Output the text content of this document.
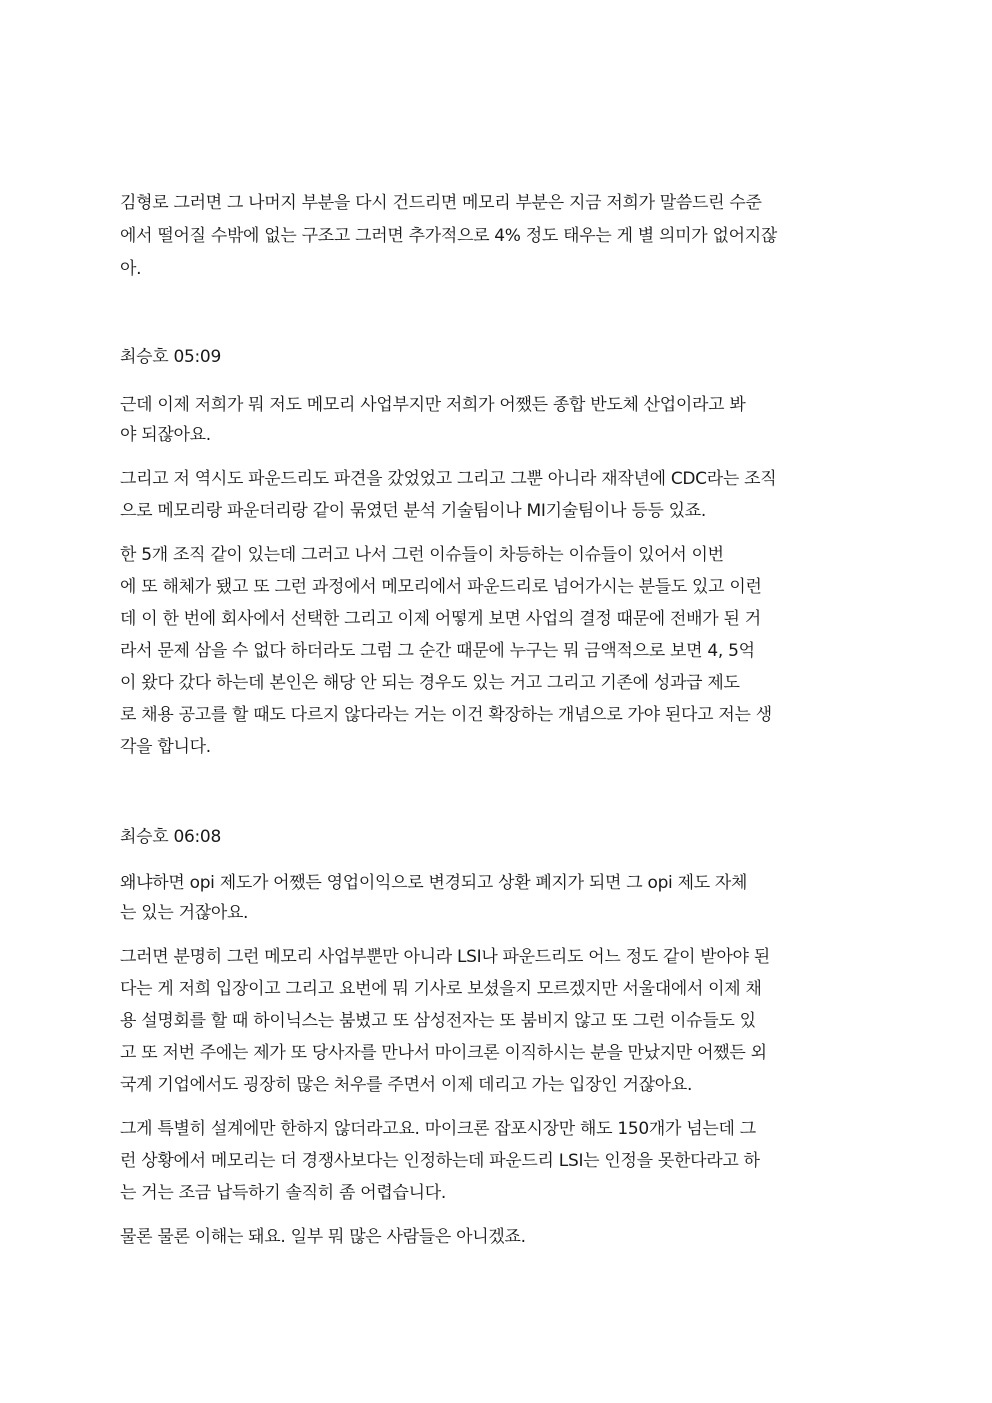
김형로 그러면 그 나머지 부분을 다시 건드리면 메모리 부분은 지금 저희가 말씀드린 수준
에서 떨어질 수밖에 없는 구조고 그러면 추가적으로 4% 정도 태우는 게 별 의미가 없어지잖
아.
최승호 05:09
근데 이제 저희가 뭐 저도 메모리 사업부지만 저희가 어쨌든 종합 반도체 산업이라고 봐
야 되잖아요.
그리고 저 역시도 파운드리도 파견을 갔었었고 그리고 그뿐 아니라 재작년에 CDC라는 조직
으로 메모리랑 파운더리랑 같이 묶였던 분석 기술팀이나 MI기술팀이나 등등 있죠.
한 5개 조직 같이 있는데 그러고 나서 그런 이슈들이 차등하는 이슈들이 있어서 이번
에 또 해체가 됐고 또 그런 과정에서 메모리에서 파운드리로 넘어가시는 분들도 있고 이런
데 이 한 번에 회사에서 선택한 그리고 이제 어떻게 보면 사업의 결정 때문에 전배가 된 거
라서 문제 삼을 수 없다 하더라도 그럼 그 순간 때문에 누구는 뭐 금액적으로 보면 4, 5억
이 왔다 갔다 하는데 본인은 해당 안 되는 경우도 있는 거고 그리고 기존에 성과급 제도
로 채용 공고를 할 때도 다르지 않다라는 거는 이건 확장하는 개념으로 가야 된다고 저는 생
각을 합니다.
최승호 06:08
왜냐하면 opi 제도가 어쨌든 영업이익으로 변경되고 상환 폐지가 되면 그 opi 제도 자체
는 있는 거잖아요.
그러면 분명히 그런 메모리 사업부뿐만 아니라 LSI나 파운드리도 어느 정도 같이 받아야 된
다는 게 저희 입장이고 그리고 요번에 뭐 기사로 보셨을지 모르겠지만 서울대에서 이제 채
용 설명회를 할 때 하이닉스는 붐볐고 또 삼성전자는 또 붐비지 않고 또 그런 이슈들도 있
고 또 저번 주에는 제가 또 당사자를 만나서 마이크론 이직하시는 분을 만났지만 어쨌든 외
국계 기업에서도 굉장히 많은 처우를 주면서 이제 데리고 가는 입장인 거잖아요.
그게 특별히 설계에만 한하지 않더라고요. 마이크론 잡포시장만 해도 150개가 넘는데 그
런 상황에서 메모리는 더 경쟁사보다는 인정하는데 파운드리 LSI는 인정을 못한다라고 하
는 거는 조금 납득하기 솔직히 좀 어렵습니다.
물론 물론 이해는 돼요. 일부 뭐 많은 사람들은 아니겠죠.
